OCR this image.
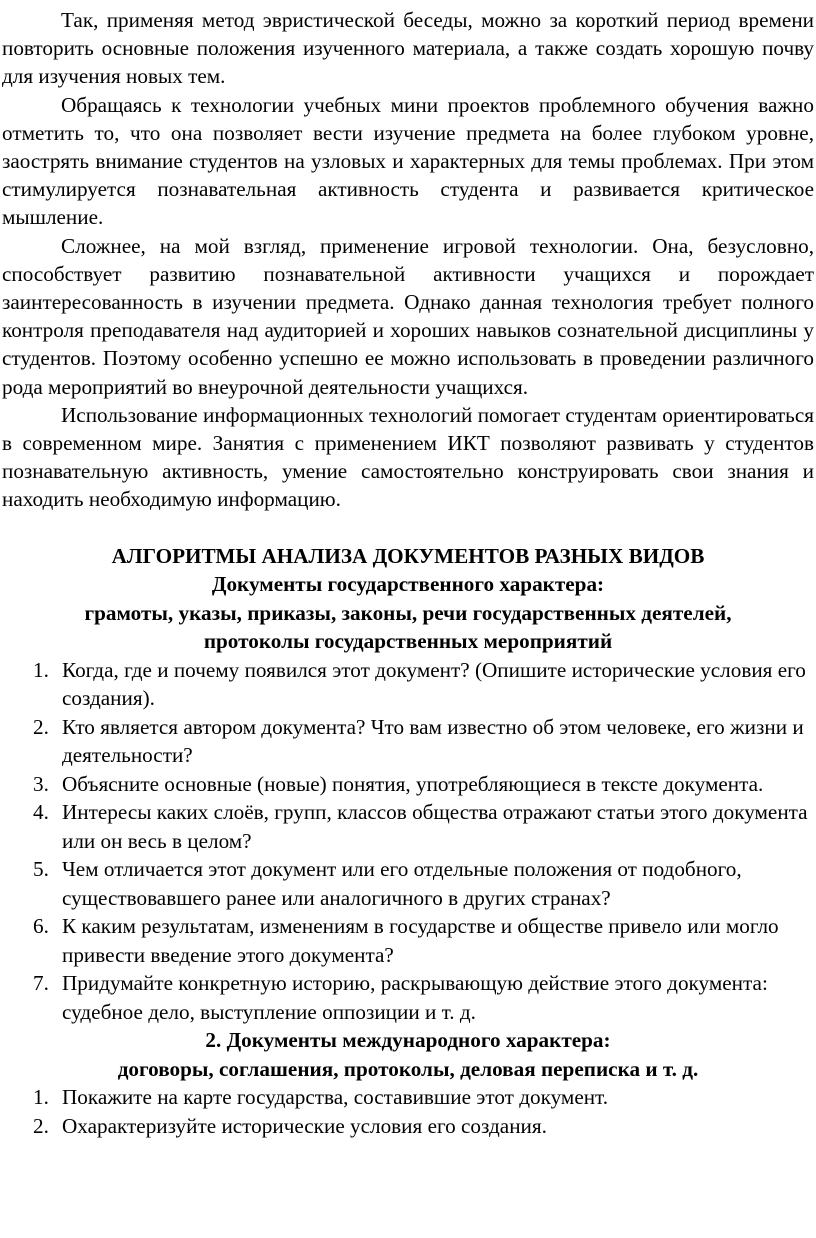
Так, применяя метод эвристической беседы, можно за короткий период времени повторить основные положения изученного материала, а также создать хорошую почву для изучения новых тем.

Обращаясь к технологии учебных мини проектов проблемного обучения важно отметить то, что она позволяет вести изучение предмета на более глубоком уровне, заострять внимание студентов на узловых и характерных для темы проблемах. При этом стимулируется познавательная активность студента и развивается критическое мышление.

Сложнее, на мой взгляд, применение игровой технологии. Она, безусловно, способствует развитию познавательной активности учащихся и порождает заинтересованность в изучении предмета. Однако данная технология требует полного контроля преподавателя над аудиторией и хороших навыков сознательной дисциплины у студентов. Поэтому особенно успешно ее можно использовать в проведении различного рода мероприятий во внеурочной деятельности учащихся.

Использование информационных технологий помогает студентам ориентироваться в современном мире. Занятия с применением ИКТ позволяют развивать у студентов познавательную активность, умение самостоятельно конструировать свои знания и находить необходимую информацию.

АЛГОРИТМЫ АНАЛИЗА ДОКУМЕНТОВ РАЗНЫХ ВИДОВ

Документы государственного характера:

грамоты, указы, приказы, законы, речи государственных деятелей,

протоколы государственных мероприятий

1. Когда, где и почему появился этот документ? (Опишите исторические условия его создания).
2. Кто является автором документа? Что вам известно об этом человеке, его жизни и деятельности?
3. Объясните основные (новые) понятия, употребляющиеся в тексте документа.
4. Интересы каких слоёв, групп, классов общества отражают статьи этого документа или он весь в целом?
5. Чем отличается этот документ или его отдельные положения от подобного, существовавшего ранее или аналогичного в других странах?
6. К каким результатам, изменениям в государстве и обществе привело или могло привести введение этого документа?
7. Придумайте конкретную историю, раскрывающую действие этого документа: судебное дело, выступление оппозиции и т. д.

2. Документы международного характера:

договоры, соглашения, протоколы, деловая переписка и т. д.

1. Покажите на карте государства, составившие этот документ.
2. Охарактеризуйте исторические условия его создания.
